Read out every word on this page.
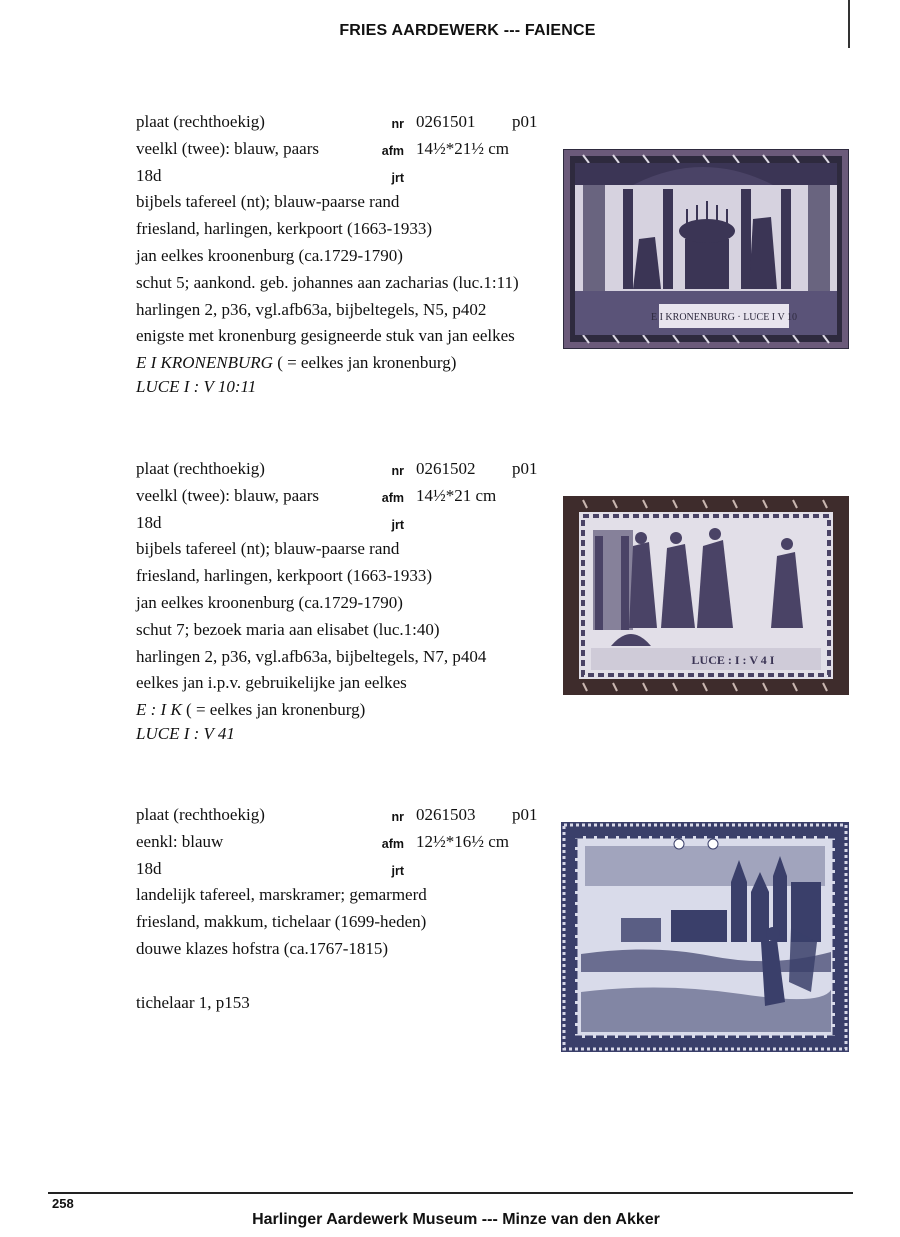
FRIES AARDEWERK --- FAIENCE
plaat (rechthoekig)	nr 0261501 p01
veelkl (twee): blauw, paars	afm 14½*21½ cm
18d	jrt
bijbels tafereel (nt); blauw-paarse rand
friesland, harlingen, kerkpoort (1663-1933)
jan eelkes kroonenburg (ca.1729-1790)
schut 5; aankond. geb. johannes aan zacharias (luc.1:11)
harlingen 2, p36, vgl.afb63a, bijbeltegels, N5, p402
enigste met kronenburg gesigneerde stuk van jan eelkes
E I KRONENBURG ( = eelkes jan kronenburg)
LUCE I : V 10:11
E I KRONENBURG · LUCE I V 10
plaat (rechthoekig)	nr 0261502 p01
veelkl (twee): blauw, paars	afm 14½*21 cm
18d	jrt
bijbels tafereel (nt); blauw-paarse rand
friesland, harlingen, kerkpoort (1663-1933)
jan eelkes kroonenburg (ca.1729-1790)
schut 7; bezoek maria aan elisabet (luc.1:40)
harlingen 2, p36, vgl.afb63a, bijbeltegels, N7, p404
eelkes jan i.p.v. gebruikelijke jan eelkes
E : I K ( = eelkes jan kronenburg)
LUCE I : V 41
LUCE : I : V 4 I
plaat (rechthoekig)	nr 0261503 p01
eenkl: blauw	afm 12½*16½ cm
18d	jrt
landelijk tafereel, marskramer; gemarmerd
friesland, makkum, tichelaar (1699-heden)
douwe klazes hofstra (ca.1767-1815)
tichelaar 1, p153
258
Harlinger Aardewerk Museum --- Minze van den Akker
